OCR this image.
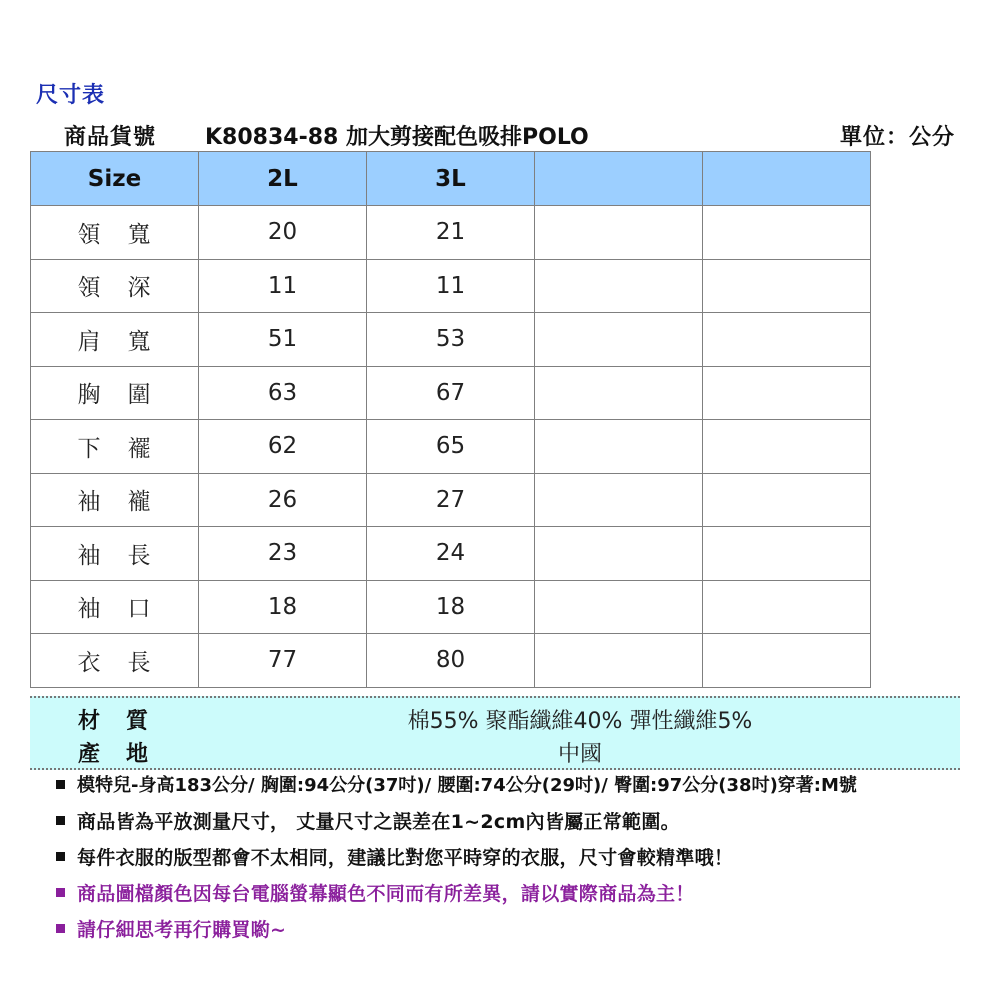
尺寸表
商品貨號 K80834-88 加大剪接配色吸排POLO	單位：公分
Size	2L	3L		
領 寬	20	21		
領 深	11	11		
肩 寬	51	53		
胸 圍	63	67		
下 襬	62	65		
袖 襱	26	27		
袖 長	23	24		
袖 口	18	18		
衣 長	77	80		
材 質	棉55% 聚酯纖維40% 彈性纖維5%
產 地	中國
模特兒-身高183公分/ 胸圍:94公分(37吋)/ 腰圍:74公分(29吋)/ 臀圍:97公分(38吋)穿著:M號
商品皆為平放測量尺寸， 丈量尺寸之誤差在1~2cm內皆屬正常範圍。
每件衣服的版型都會不太相同，建議比對您平時穿的衣服，尺寸會較精準哦！
商品圖檔顏色因每台電腦螢幕顯色不同而有所差異，請以實際商品為主！
請仔細思考再行購買喲~
